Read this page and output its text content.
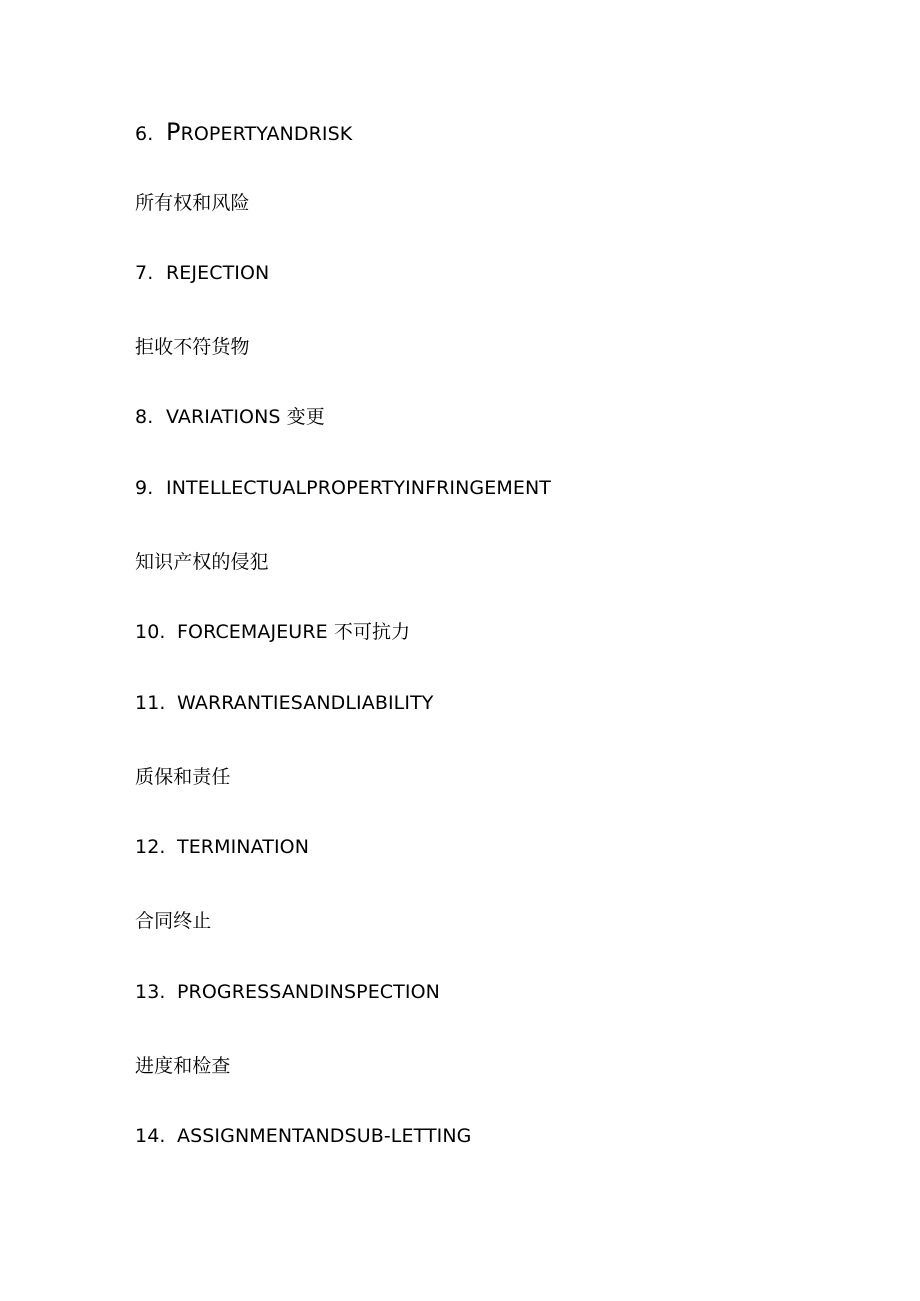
6. PROPERTYANDRISK
所有权和风险
7. REJECTION
拒收不符货物
8. VARIATIONS 变更
9. INTELLECTUALPROPERTYINFRINGEMENT
知识产权的侵犯
10. FORCEMAJEURE 不可抗力
11. WARRANTIESANDLIABILITY
质保和责任
12. TERMINATION
合同终止
13. PROGRESSANDINSPECTION
进度和检查
14. ASSIGNMENTANDSUB-LETTING
